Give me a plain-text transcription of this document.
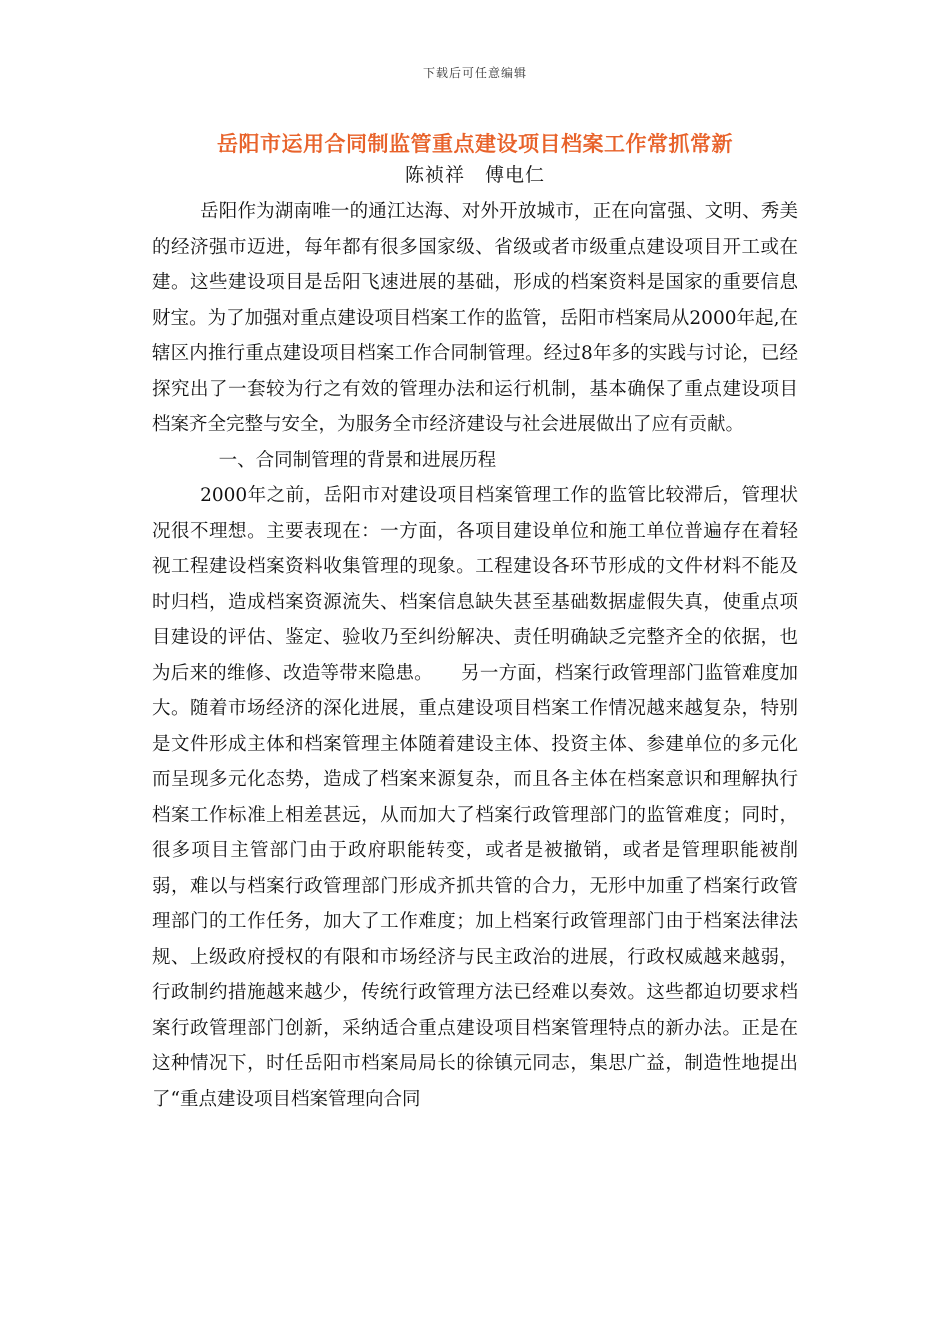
下载后可任意编辑
岳阳市运用合同制监管重点建设项目档案工作常抓常新
陈祯祥　傅电仁

岳阳作为湖南唯一的通江达海、对外开放城市，正在向富强、文明、秀美的经济强市迈进，每年都有很多国家级、省级或者市级重点建设项目开工或在建。这些建设项目是岳阳飞速进展的基础，形成的档案资料是国家的重要信息财宝。为了加强对重点建设项目档案工作的监管，岳阳市档案局从2000年起,在辖区内推行重点建设项目档案工作合同制管理。经过8年多的实践与讨论，已经探究出了一套较为行之有效的管理办法和运行机制，基本确保了重点建设项目档案齐全完整与安全，为服务全市经济建设与社会进展做出了应有贡献。

一、合同制管理的背景和进展历程

2000年之前，岳阳市对建设项目档案管理工作的监管比较滞后，管理状况很不理想。主要表现在：一方面，各项目建设单位和施工单位普遍存在着轻视工程建设档案资料收集管理的现象。工程建设各环节形成的文件材料不能及时归档，造成档案资源流失、档案信息缺失甚至基础数据虚假失真，使重点项目建设的评估、鉴定、验收乃至纠纷解决、责任明确缺乏完整齐全的依据，也为后来的维修、改造等带来隐患。　　另一方面，档案行政管理部门监管难度加大。随着市场经济的深化进展，重点建设项目档案工作情况越来越复杂，特别是文件形成主体和档案管理主体随着建设主体、投资主体、参建单位的多元化而呈现多元化态势，造成了档案来源复杂，而且各主体在档案意识和理解执行档案工作标准上相差甚远，从而加大了档案行政管理部门的监管难度；同时，很多项目主管部门由于政府职能转变，或者是被撤销，或者是管理职能被削弱，难以与档案行政管理部门形成齐抓共管的合力，无形中加重了档案行政管理部门的工作任务，加大了工作难度；加上档案行政管理部门由于档案法律法规、上级政府授权的有限和市场经济与民主政治的进展，行政权威越来越弱，行政制约措施越来越少，传统行政管理方法已经难以奏效。这些都迫切要求档案行政管理部门创新，采纳适合重点建设项目档案管理特点的新办法。正是在这种情况下，时任岳阳市档案局局长的徐镇元同志，集思广益，制造性地提出了“重点建设项目档案管理向合同
